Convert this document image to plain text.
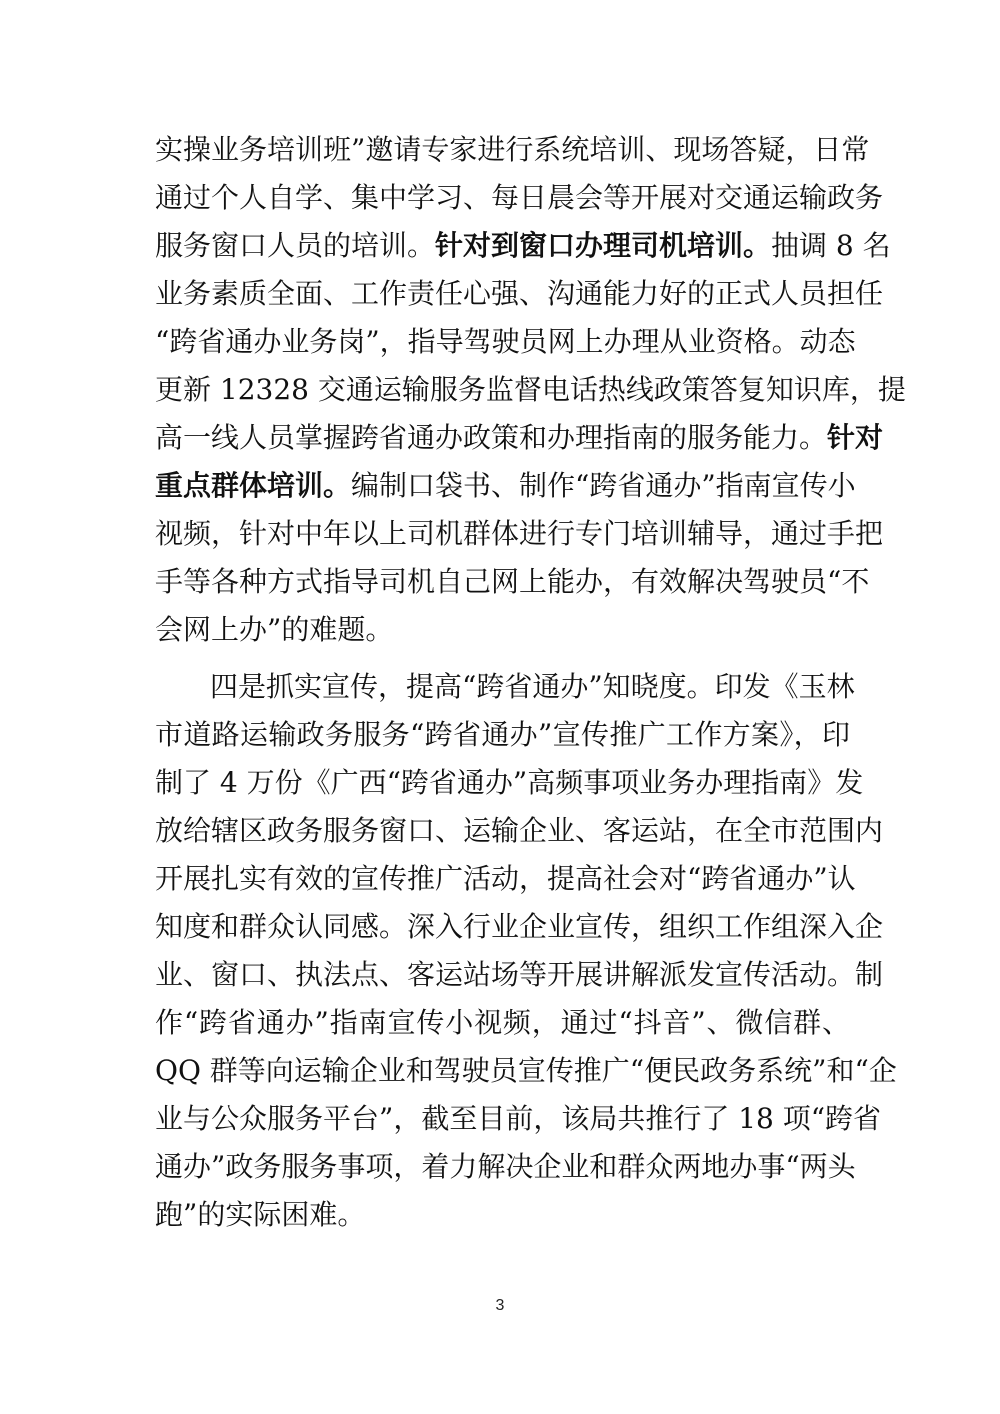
实操业务培训班”邀请专家进行系统培训、现场答疑，日常
通过个人自学、集中学习、每日晨会等开展对交通运输政务
服务窗口人员的培训。针对到窗口办理司机培训。抽调 8 名
业务素质全面、工作责任心强、沟通能力好的正式人员担任
“跨省通办业务岗”，指导驾驶员网上办理从业资格。动态
更新 12328 交通运输服务监督电话热线政策答复知识库，提
高一线人员掌握跨省通办政策和办理指南的服务能力。针对
重点群体培训。编制口袋书、制作“跨省通办”指南宣传小
视频，针对中年以上司机群体进行专门培训辅导，通过手把
手等各种方式指导司机自己网上能办，有效解决驾驶员“不
会网上办”的难题。
四是抓实宣传，提高“跨省通办”知晓度。印发《玉林
市道路运输政务服务“跨省通办”宣传推广工作方案》，印
制了 4 万份《广西“跨省通办”高频事项业务办理指南》发
放给辖区政务服务窗口、运输企业、客运站，在全市范围内
开展扎实有效的宣传推广活动，提高社会对“跨省通办”认
知度和群众认同感。深入行业企业宣传，组织工作组深入企
业、窗口、执法点、客运站场等开展讲解派发宣传活动。制
作“跨省通办”指南宣传小视频，通过“抖音”、微信群、
QQ 群等向运输企业和驾驶员宣传推广“便民政务系统”和“企
业与公众服务平台”，截至目前，该局共推行了 18 项“跨省
通办”政务服务事项，着力解决企业和群众两地办事“两头
跑”的实际困难。
3
